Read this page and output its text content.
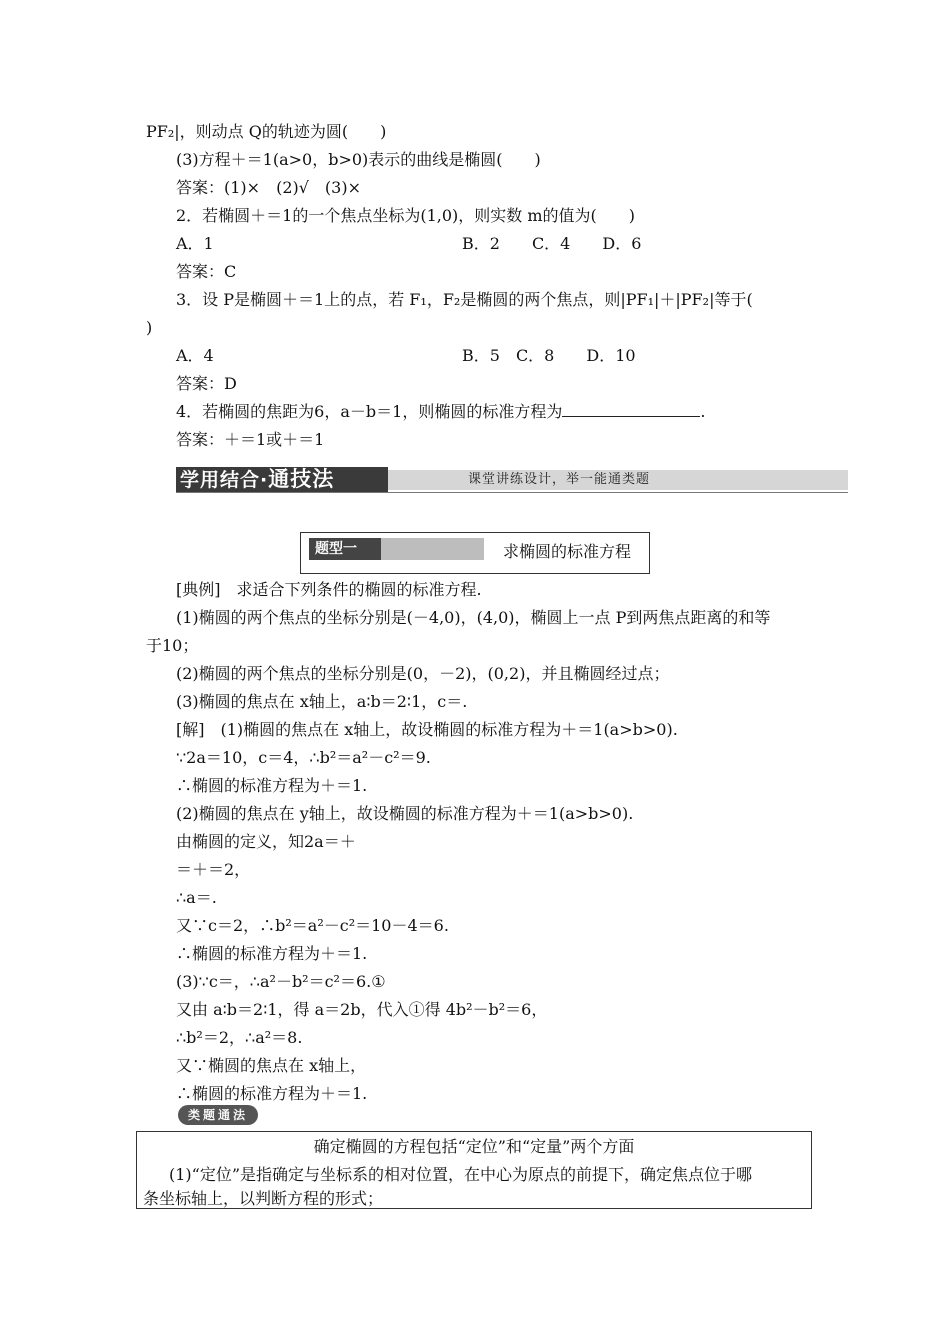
PF₂|，则动点 Q的轨迹为圆(　　)
(3)方程＋＝1(a>0，b>0)表示的曲线是椭圆(　　)
答案：(1)×　(2)√　(3)×
2．若椭圆＋＝1的一个焦点坐标为(1,0)，则实数 m的值为(　　)
A．1	B．2　　C．4　　D．6
答案：C
3．设 P是椭圆＋＝1上的点，若 F₁，F₂是椭圆的两个焦点，则|PF₁|＋|PF₂|等于(
)
A．4	B．5　C．8　　D．10
答案：D
4．若椭圆的焦距为6，a－b＝1，则椭圆的标准方程为	.
答案：＋＝1或＋＝1
学用结合·通技法	课堂讲练设计，举一能通类题
题型一	求椭圆的标准方程
[典例]　求适合下列条件的椭圆的标准方程.
(1)椭圆的两个焦点的坐标分别是(－4,0)，(4,0)，椭圆上一点 P到两焦点距离的和等
于10；
(2)椭圆的两个焦点的坐标分别是(0，－2)，(0,2)，并且椭圆经过点；
(3)椭圆的焦点在 x轴上，a∶b＝2∶1，c＝.
[解]　(1)椭圆的焦点在 x轴上，故设椭圆的标准方程为＋＝1(a>b>0).
∵2a＝10，c＝4，∴b²＝a²－c²＝9.
∴椭圆的标准方程为＋＝1.
(2)椭圆的焦点在 y轴上，故设椭圆的标准方程为＋＝1(a>b>0).
由椭圆的定义，知2a＝＋
＝＋＝2，
∴a＝.
又∵c＝2，∴b²＝a²－c²＝10－4＝6.
∴椭圆的标准方程为＋＝1.
(3)∵c＝，∴a²－b²＝c²＝6.①
又由 a∶b＝2∶1，得 a＝2b，代入①得 4b²－b²＝6，
∴b²＝2，∴a²＝8.
又∵椭圆的焦点在 x轴上，
∴椭圆的标准方程为＋＝1.
类题通法
确定椭圆的方程包括“定位”和“定量”两个方面
(1)“定位”是指确定与坐标系的相对位置，在中心为原点的前提下，确定焦点位于哪
条坐标轴上，以判断方程的形式；
